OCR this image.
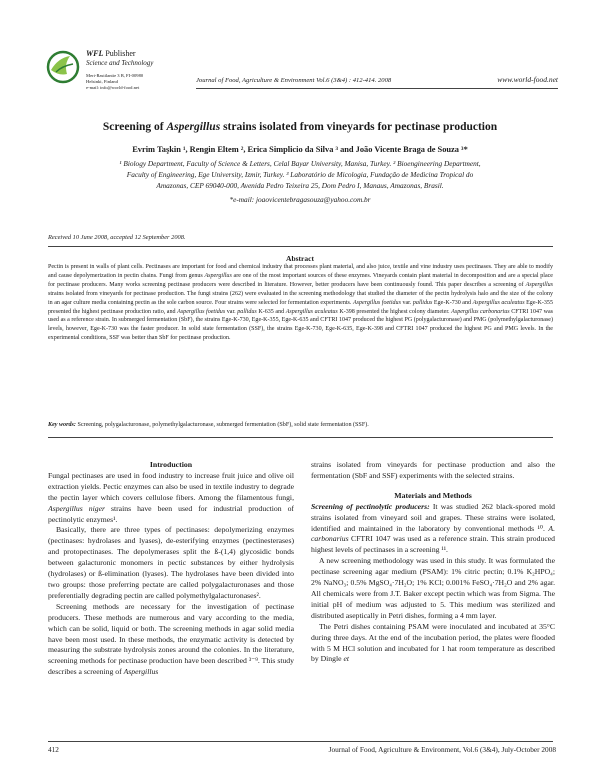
WFL Publisher
Science and Technology
Meri-Rastilantie 3 B, FI-00980
Helsinki, Finland
e-mail: info@world-food.net
Journal of Food, Agriculture & Environment Vol.6 (3&4) : 412-414. 2008	www.world-food.net
Screening of Aspergillus strains isolated from vineyards for pectinase production
Evrim Taşkin ¹, Rengin Eltem ², Erica Simplicio da Silva ³ and João Vicente Braga de Souza ³*
¹ Biology Department, Faculty of Science & Letters, Celal Bayar University, Manisa, Turkey. ² Bioengineering Department,
Faculty of Engineering, Ege University, Izmir, Turkey. ³ Laboratório de Micologia, Fundação de Medicina Tropical do
Amazonas, CEP 69040-000, Avenida Pedro Teixeira 25, Dom Pedro I, Manaus, Amazonas, Brasil.
*e-mail: joaovicentebragasouza@yahoo.com.br
Received 10 June 2008, accepted 12 September 2008.
Abstract
Pectin is present in walls of plant cells. Pectinases are important for food and chemical industry that processes plant material, and also juice, textile and vine industry uses pectinases. They are able to modify and cause depolymerization in pectin chains. Fungi from genus Aspergillus are one of the most important sources of these enzymes. Vineyards contain plant material in decomposition and are a special place for pectinase producers. Many works screening pectinase producers were described in literature. However, better producers have been continuously found. This paper describes a screening of Aspergillus strains isolated from vineyards for pectinase production. The fungi strains (262) were evaluated in the screening methodology that studied the diameter of the pectin hydrolysis halo and the size of the colony in an agar culture media containing pectin as the sole carbon source. Four strains were selected for fermentation experiments. Aspergillus foetidus var. pallidus Ege-K-730 and Aspergillus aculeatus Ege-K-355 presented the highest pectinase production ratio, and Aspergillus foetidus var. pallidus K-635 and Aspergillus aculeatus K-398 presented the highest colony diameter. Aspergillus carbonarius CFTRI 1047 was used as a reference strain. In submerged fermentation (SbF), the strains Ege-K-730, Ege-K-355, Ege-K-635 and CFTRI 1047 produced the highest PG (polygalacturonase) and PMG (polymethylgalacturonase) levels, however, Ege-K-730 was the faster producer. In solid state fermentation (SSF), the strains Ege-K-730, Ege-K-635, Ege-K-398 and CFTRI 1047 produced the highest PG and PMG levels. In the experimental conditions, SSF was better than SbF for pectinase production.
Key words: Screening, polygalacturonase, polymethylgalacturonase, submerged fermentation (SbF), solid state fermentation (SSF).

Introduction

Fungal pectinases are used in food industry to increase fruit juice and olive oil extraction yields. Pectic enzymes can also be used in textile industry to degrade the pectin layer which covers cellulose fibers. Among the filamentous fungi, Aspergillus niger strains have been used for industrial production of pectinolytic enzymes¹.

Basically, there are three types of pectinases: depolymerizing enzymes (pectinases: hydrolases and lyases), de-esterifying enzymes (pectinesterases) and protopectinases. The depolymerases split the ß-(1,4) glycosidic bonds between galacturonic monomers in pectic substances by either hydrolysis (hydrolases) or ß-elimination (lyases). The hydrolases have been divided into two groups: those preferring pectate are called polygalacturonases and those preferentially degrading pectin are called polymethylgalacturonases².

Screening methods are necessary for the investigation of pectinase producers. These methods are numerous and vary according to the media, which can be solid, liquid or both. The screening methods in agar solid media have been most used. In these methods, the enzymatic activity is detected by measuring the substrate hydrolysis zones around the colonies. In the literature, screening methods for pectinase production have been described ³⁻⁹. This study describes a screening of Aspergillus

strains isolated from vineyards for pectinase production and also the fermentation (SbF and SSF) experiments with the selected strains.

Materials and Methods

Screening of pectinolytic producers: It was studied 262 black-spored mold strains isolated from vineyard soil and grapes. These strains were isolated, identified and maintained in the laboratory by conventional methods ¹⁰. A. carbonarius CFTRI 1047 was used as a reference strain. This strain produced highest levels of pectinases in a screening ¹¹.

A new screening methodology was used in this study. It was formulated the pectinase screening agar medium (PSAM): 1% citric pectin; 0.1% K₂HPO₄; 2% NaNO₃; 0.5% MgSO₄·7H₂O; 1% KCl; 0.001% FeSO₄·7H₂O and 2% agar. All chemicals were from J.T. Baker except pectin which was from Sigma. The initial pH of medium was adjusted to 5. This medium was sterilized and distributed aseptically in Petri dishes, forming a 4 mm layer.

The Petri dishes containing PSAM were inoculated and incubated at 35°C during three days. At the end of the incubation period, the plates were flooded with 5 M HCl solution and incubated for 1 hat room temperature as described by Dingle et

412	Journal of Food, Agriculture & Environment, Vol.6 (3&4), July-October 2008
